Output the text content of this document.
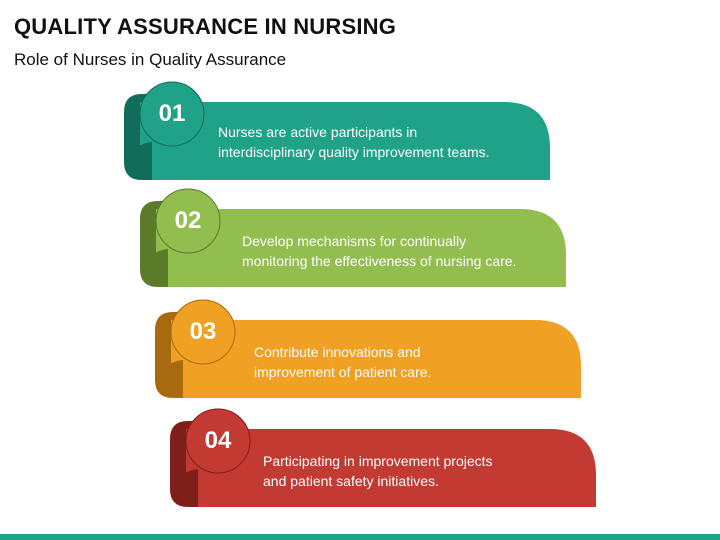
QUALITY ASSURANCE IN NURSING
Role of Nurses in Quality Assurance
01
Nurses are active participants in
interdisciplinary quality improvement teams.
02
Develop mechanisms for continually
monitoring the effectiveness of nursing care.
03
Contribute innovations and
improvement of patient care.
04
Participating in improvement projects
and patient safety initiatives.
